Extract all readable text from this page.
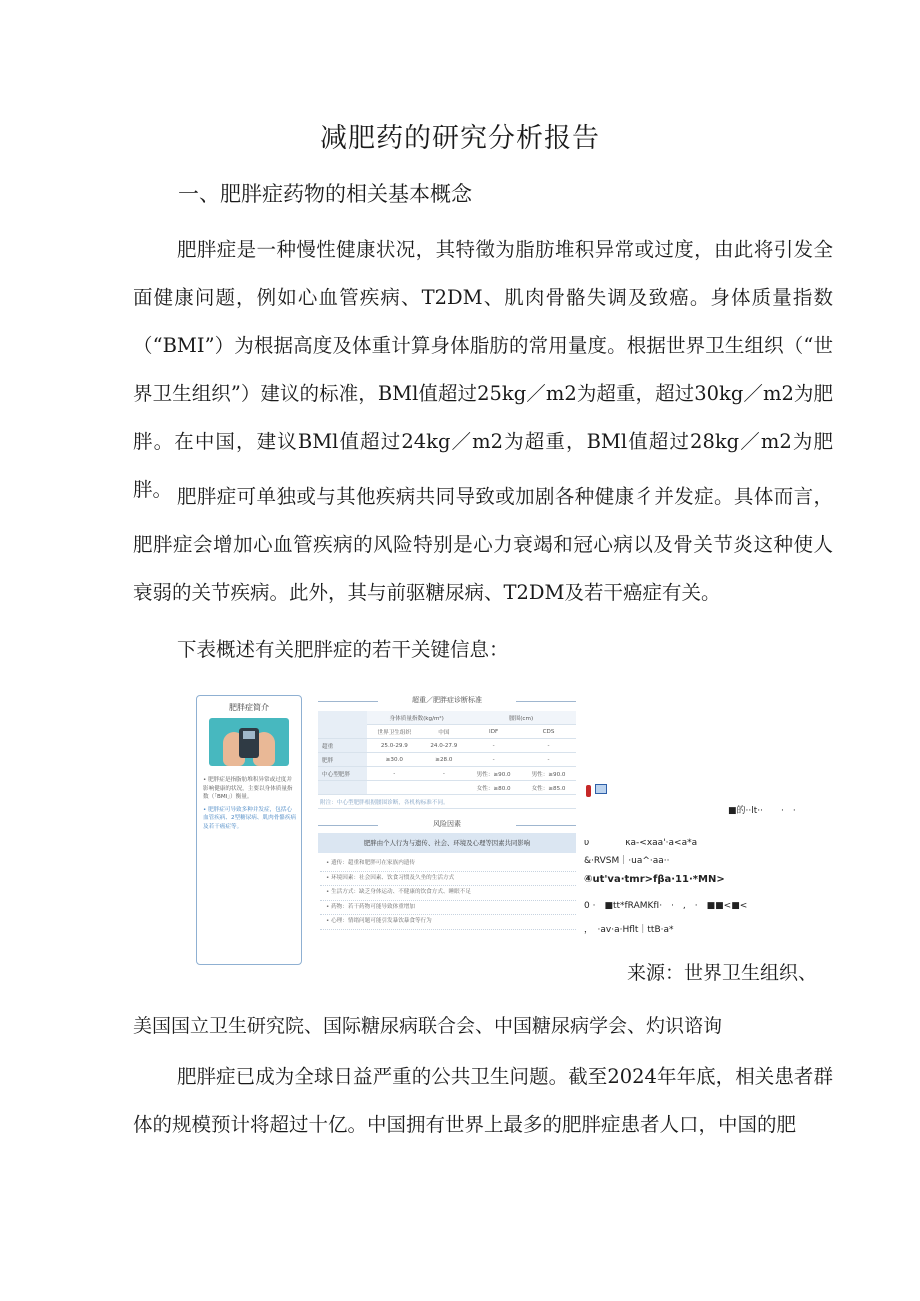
减肥药的研究分析报告
一、肥胖症药物的相关基本概念

肥胖症是一种慢性健康状况，其特徵为脂肪堆积异常或过度，由此将引发全面健康问题，例如心血管疾病、T2DM、肌肉骨骼失调及致癌。身体质量指数（“BMI”）为根据高度及体重计算身体脂肪的常用量度。根据世界卫生组织（“世界卫生组织”）建议的标准，BMl值超过25kg／m2为超重，超过30kg／m2为肥胖。在中国，建议BMl值超过24kg／m2为超重，BMl值超过28kg／m2为肥胖。 肥胖症可单独或与其他疾病共同导致或加剧各种健康彳并发症。具体而言，肥胖症会增加心血管疾病的风险特别是心力衰竭和冠心病以及骨关节炎这种使人衰弱的关节疾病。此外，其与前驱糖尿病、T2DM及若干癌症有关。

下表概述有关肥胖症的若干关键信息：

肥胖症简介
• 肥胖症是指脂肪堆积异常或过度并影响健康的状况，主要以身体质量指数（「BMI」）衡量。
• 肥胖症可导致多种并发症，包括心血管疾病、2型糖尿病、肌肉骨骼疾病及若干癌症等。
超重／肥胖症诊断标准
	身体质量指数(kg/m²)		腰围(cm)	
	世界卫生组织	中国	IDF	CDS
超重	25.0-29.9	24.0-27.9	-	-
肥胖	≥30.0	≥28.0	-	-
中心型肥胖	-	-	男性：≥90.0	男性：≥90.0
			女性：≥80.0	女性：≥85.0
附注：中心型肥胖根据腰围诊断，各机构标准不同。				
风险因素
肥胖由个人行为与遗传、社会、环境及心理等因素共同影响
• 遗传：超重和肥胖可在家族内遗传
• 环境因素：社会因素、饮食习惯及久坐的生活方式
• 生活方式：缺乏身体运动、不健康的饮食方式、睡眠不足
• 药物：若干药物可能导致体重增加
• 心理：情绪问题可能引发暴饮暴食等行为
■的··lt··　　·　·
υ　　　　κa-<xaa'·a<a*a
&·RVSM｜·ua^·aa··
④ut'va·tmr>fβa·11·*MN>
0 ·　■tt*fRAMKfI·　·　,　·　■■<■<
，　·av·a·Hflt｜ttB·a*
来源：世界卫生组织、
美国国立卫生研究院、国际糖尿病联合会、中国糖尿病学会、灼识谘询

肥胖症已成为全球日益严重的公共卫生问题。截至2024年年底，相关患者群体的规模预计将超过十亿。中国拥有世界上最多的肥胖症患者人口，中国的肥
